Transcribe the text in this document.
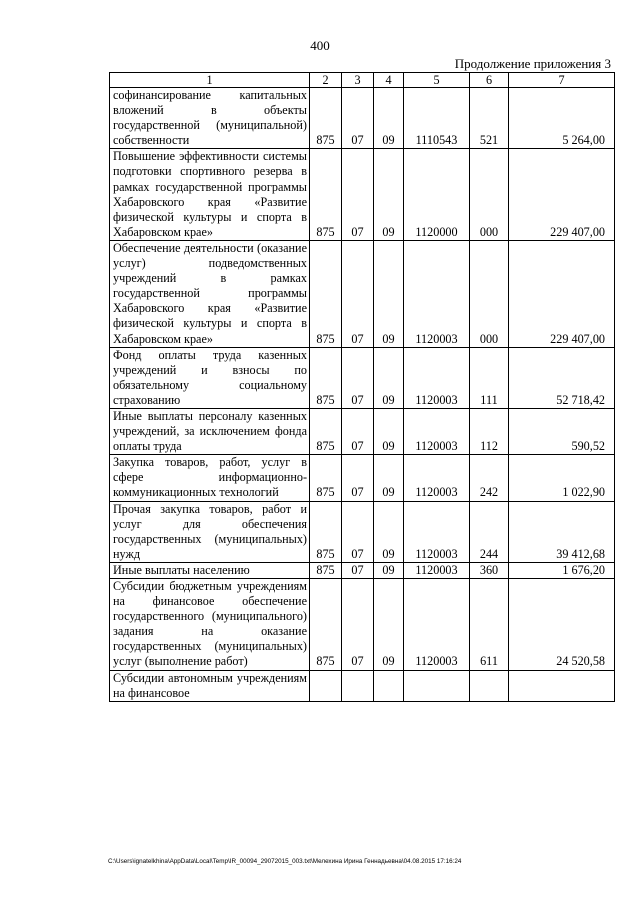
400
Продолжение приложения 3
1	2	3	4	5	6	7
софинансирование капитальных вложений в объекты государственной (муниципальной) собственности	875	07	09	1110543	521	5 264,00
Повышение эффективности системы подготовки спортивного резерва в рамках государственной программы Хабаровского края «Развитие физической культуры и спорта в Хабаровском крае»	875	07	09	1120000	000	229 407,00
Обеспечение деятельности (оказание услуг) подведомственных учреждений в рамках государственной программы Хабаровского края «Развитие физической культуры и спорта в Хабаровском крае»	875	07	09	1120003	000	229 407,00
Фонд оплаты труда казенных учреждений и взносы по обязательному социальному страхованию	875	07	09	1120003	111	52 718,42
Иные выплаты персоналу казенных учреждений, за исключением фонда оплаты труда	875	07	09	1120003	112	590,52
Закупка товаров, работ, услуг в сфере информационно-коммуникационных технологий	875	07	09	1120003	242	1 022,90
Прочая закупка товаров, работ и услуг для обеспечения государственных (муниципальных) нужд	875	07	09	1120003	244	39 412,68
Иные выплаты населению	875	07	09	1120003	360	1 676,20
Субсидии бюджетным учреждениям на финансовое обеспечение государственного (муниципального) задания на оказание государственных (муниципальных) услуг (выполнение работ)	875	07	09	1120003	611	24 520,58
Субсидии автономным учреждениям на финансовое						
C:\Users\ignatelkhina\AppData\Local\Temp\IR_00094_29072015_003.txt\Мелехина Ирина Геннадьевна\04.08.2015 17:16:24
